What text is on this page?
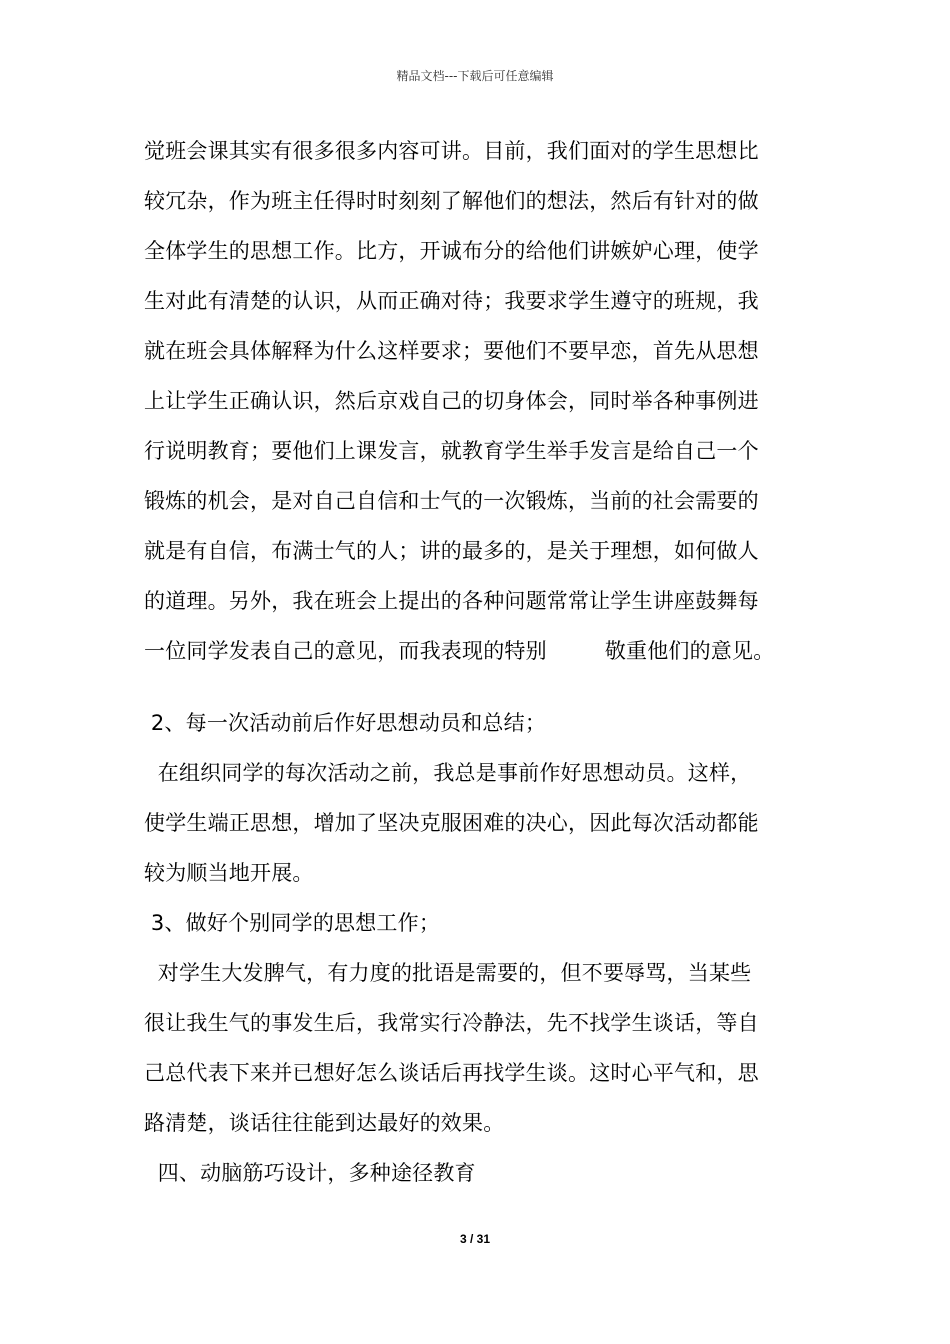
精品文档---下载后可任意编辑
觉班会课其实有很多很多内容可讲。目前，我们面对的学生思想比
较冗杂，作为班主任得时时刻刻了解他们的想法，然后有针对的做
全体学生的思想工作。比方，开诚布分的给他们讲嫉妒心理，使学
生对此有清楚的认识，从而正确对待；我要求学生遵守的班规，我
就在班会具体解释为什么这样要求；要他们不要早恋，首先从思想
上让学生正确认识，然后京戏自己的切身体会，同时举各种事例进
行说明教育；要他们上课发言，就教育学生举手发言是给自己一个
锻炼的机会，是对自己自信和士气的一次锻炼，当前的社会需要的
就是有自信，布满士气的人；讲的最多的，是关于理想，如何做人
的道理。另外，我在班会上提出的各种问题常常让学生讲座鼓舞每
一位同学发表自己的意见，而我表现的特别	敬重他们的意见。
2、每一次活动前后作好思想动员和总结；
在组织同学的每次活动之前，我总是事前作好思想动员。这样，
使学生端正思想，增加了坚决克服困难的决心，因此每次活动都能
较为顺当地开展。
3、做好个别同学的思想工作；
对学生大发脾气，有力度的批语是需要的，但不要辱骂，当某些
很让我生气的事发生后，我常实行冷静法，先不找学生谈话，等自
己总代表下来并已想好怎么谈话后再找学生谈。这时心平气和，思
路清楚，谈话往往能到达最好的效果。
四、动脑筋巧设计，多种途径教育
3 / 31
